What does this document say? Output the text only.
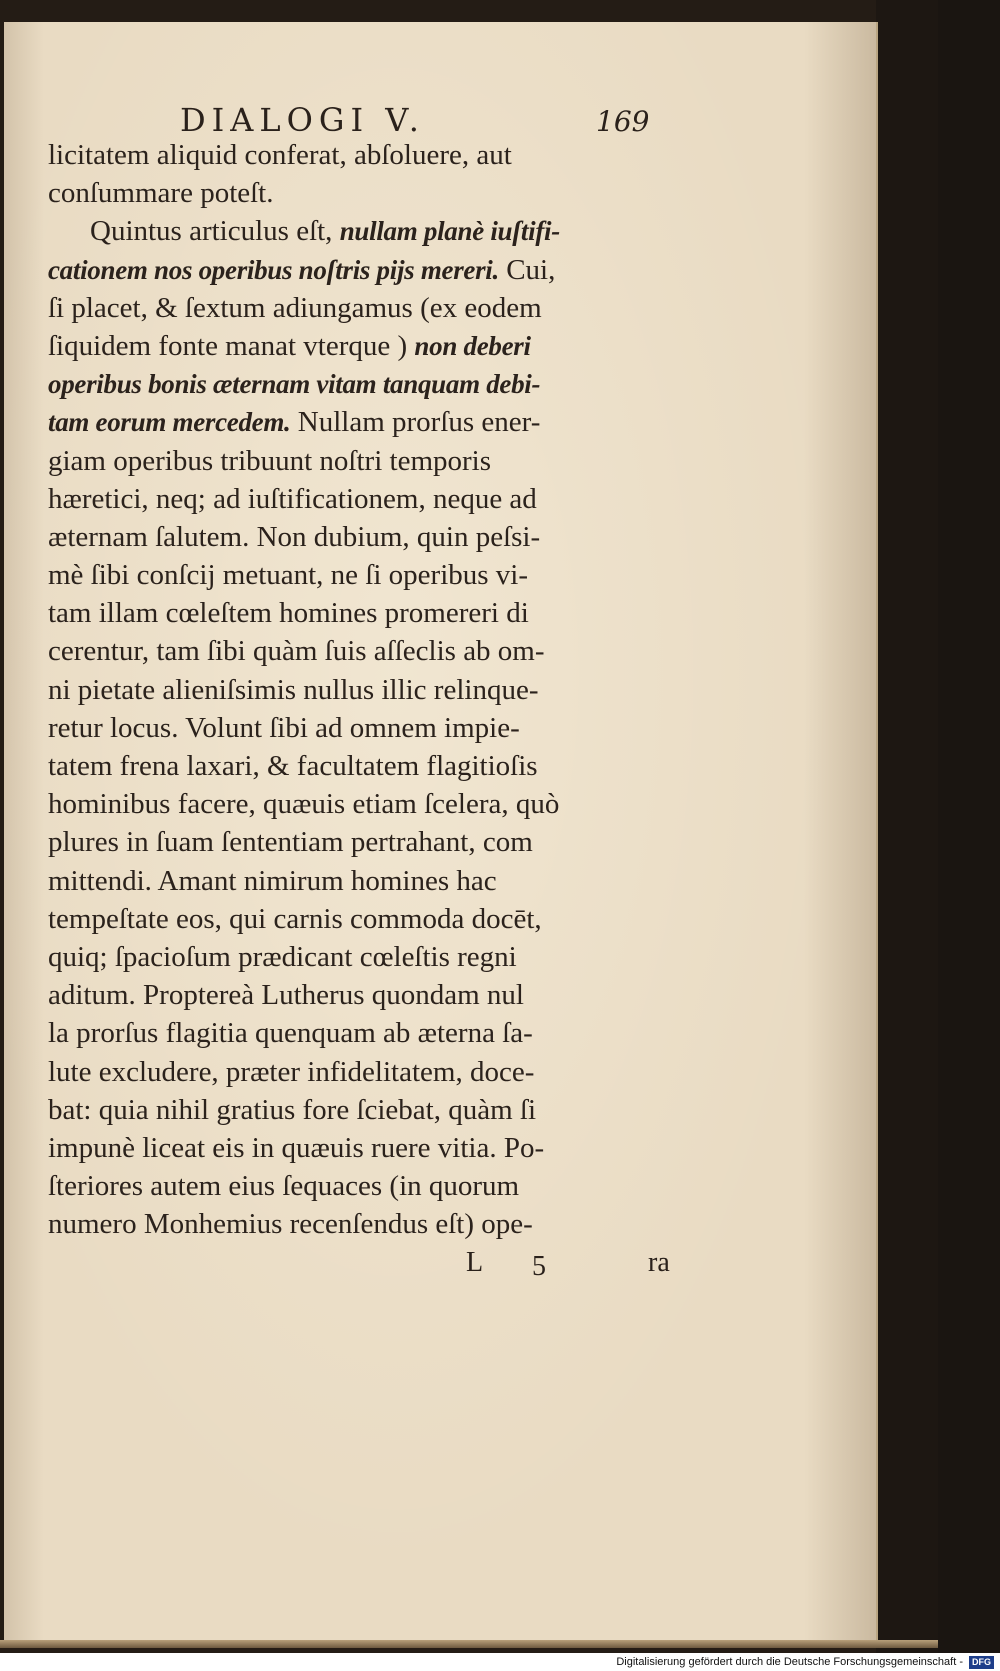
DIALOGI V.	169
licitatem aliquid conferat, abſoluere, aut
conſummare poteſt.
Quintus articulus eſt, nullam planè iuſtifi-
cationem nos operibus noſtris pijs mereri. Cui,
ſi placet, & ſextum adiungamus (ex eodem
ſiquidem fonte manat vterque ) non deberi
operibus bonis æternam vitam tanquam debi-
tam eorum mercedem. Nullam prorſus ener-
giam operibus tribuunt noſtri temporis
hæretici, neq; ad iuſtificationem, neque ad
æternam ſalutem. Non dubium, quin peſsi-
mè ſibi conſcij metuant, ne ſi operibus vi-
tam illam cœleſtem homines promereri di
cerentur, tam ſibi quàm ſuis aſſeclis ab om-
ni pietate alieniſsimis nullus illic relinque-
retur locus. Volunt ſibi ad omnem impie-
tatem frena laxari, & facultatem flagitioſis
hominibus facere, quæuis etiam ſcelera, quò
plures in ſuam ſententiam pertrahant, com
mittendi. Amant nimirum homines hac
tempeſtate eos, qui carnis commoda docēt,
quiq; ſpacioſum prædicant cœleſtis regni
aditum. Proptereà Lutherus quondam nul
la prorſus flagitia quenquam ab æterna ſa-
lute excludere, præter infidelitatem, doce-
bat: quia nihil gratius fore ſciebat, quàm ſi
impunè liceat eis in quæuis ruere vitia. Po-
ſteriores autem eius ſequaces (in quorum
numero Monhemius recenſendus eſt) ope-
L 5	ra
Digitalisierung gefördert durch die Deutsche Forschungsgemeinschaft - DFG
